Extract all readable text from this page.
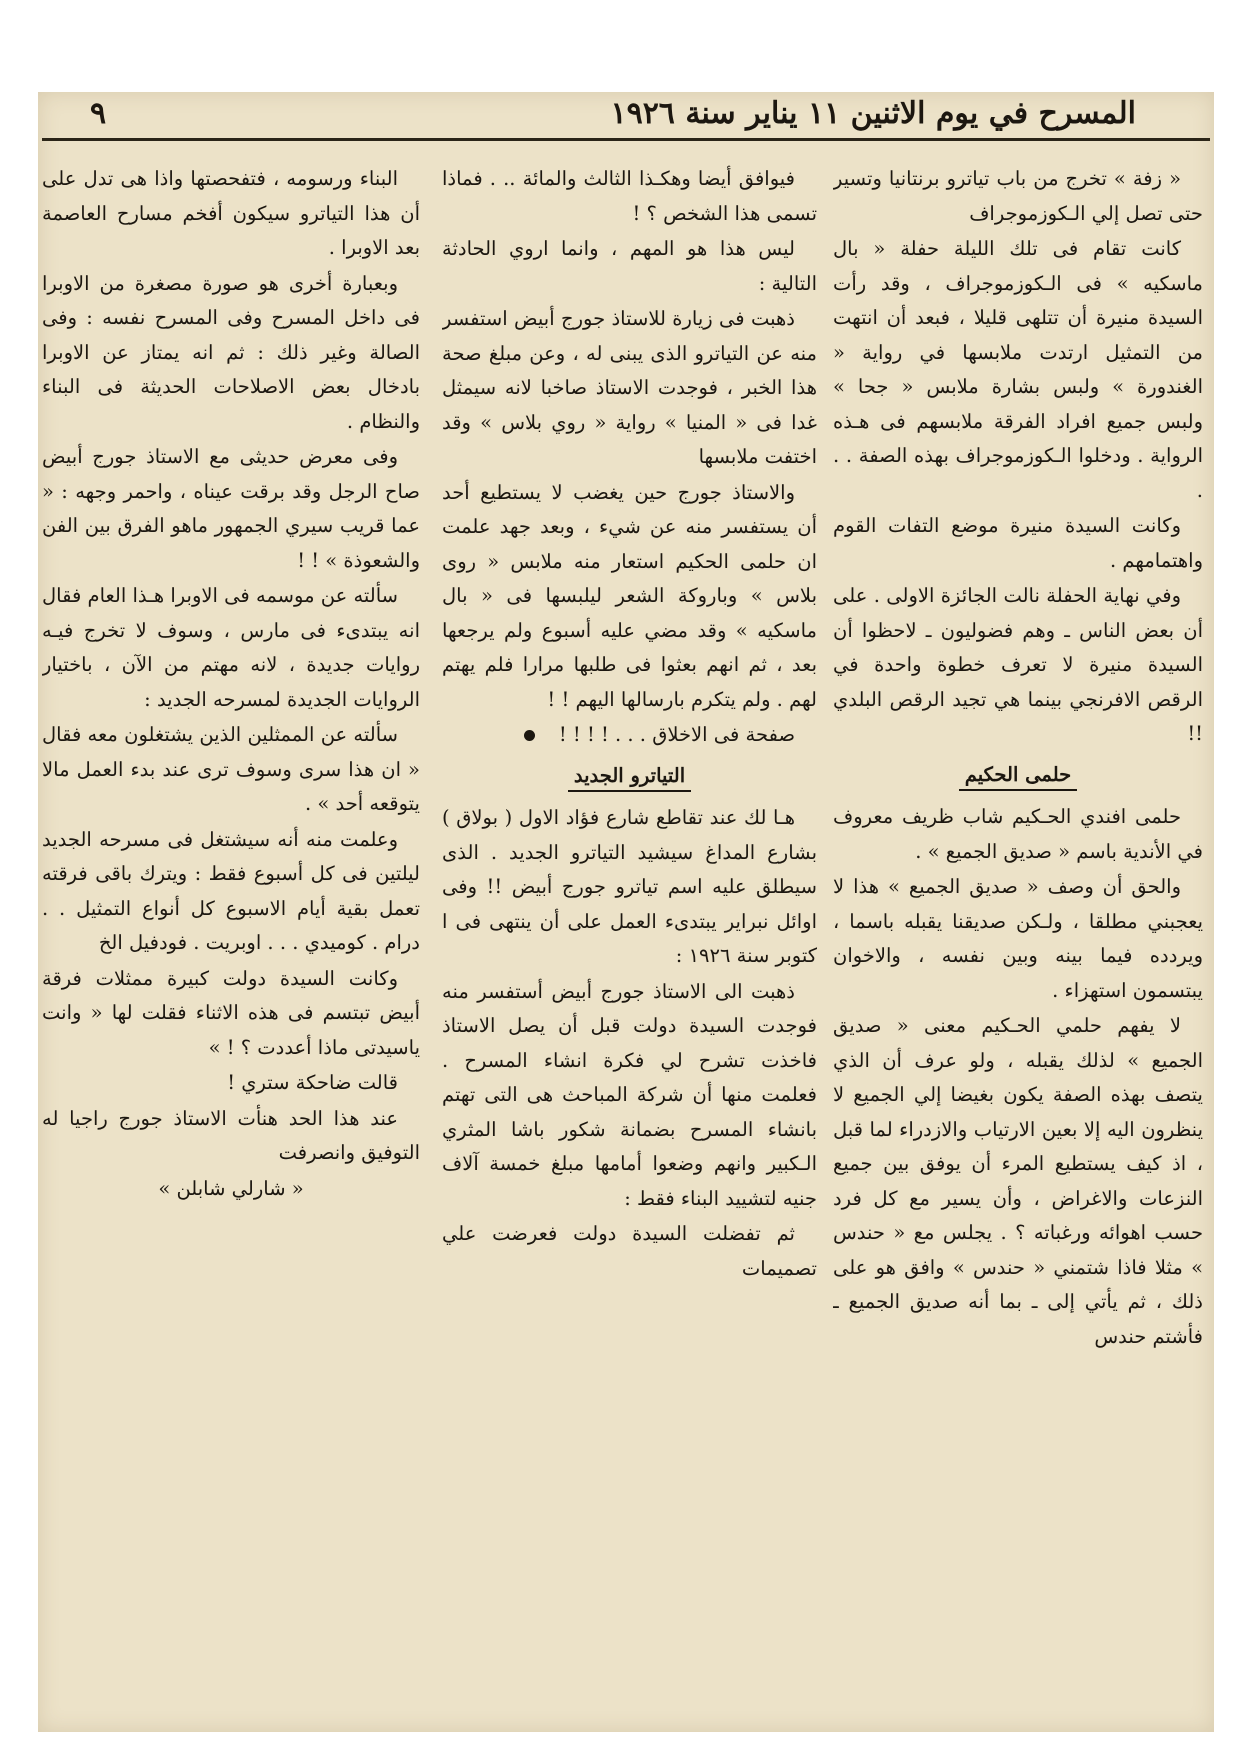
٩	المسرح في يوم الاثنين ١١ يناير سنة ١٩٢٦

« زفة » تخرج من باب تياترو برنتانيا وتسير حتى تصل إلي الـكوزموجراف

كانت تقام فى تلك الليلة حفلة « بال ماسكيه » فى الـكوزموجراف ، وقد رأت السيدة منيرة أن تتلهى قليلا ، فبعد أن انتهت من التمثيل ارتدت ملابسها في رواية « الغندورة » ولبس بشارة ملابس « جحا » ولبس جميع افراد الفرقة ملابسهم فى هـذه الرواية . ودخلوا الـكوزموجراف بهذه الصفة . . .

وكانت السيدة منيرة موضع التفات القوم واهتمامهم .

وفي نهاية الحفلة نالت الجائزة الاولى . على أن بعض الناس ـ وهم فضوليون ـ لاحظوا أن السيدة منيرة لا تعرف خطوة واحدة في الرقص الافرنجي بينما هي تجيد الرقص البلدي !!

حلمى الحكيم

حلمى افندي الحـكيم شاب ظريف معروف في الأندية باسم « صديق الجميع » .

والحق أن وصف « صديق الجميع » هذا لا يعجبني مطلقا ، ولـكن صديقنا يقبله باسما ، ويردده فيما بينه وبين نفسه ، والاخوان يبتسمون استهزاء .

لا يفهم حلمي الحـكيم معنى « صديق الجميع » لذلك يقبله ، ولو عرف أن الذي يتصف بهذه الصفة يكون بغيضا إلي الجميع لا ينظرون اليه إلا بعين الارتياب والازدراء لما قبل ، اذ كيف يستطيع المرء أن يوفق بين جميع النزعات والاغراض ، وأن يسير مع كل فرد حسب اهوائه ورغباته ؟ . يجلس مع « حندس » مثلا فاذا شتمني « حندس » وافق هو على ذلك ، ثم يأتي إلى ـ بما أنه صديق الجميع ـ فأشتم حندس

فيوافق أيضا وهكـذا الثالث والمائة .. . فماذا تسمى هذا الشخص ؟ !

ليس هذا هو المهم ، وانما اروي الحادثة التالية :

ذهبت فى زيارة للاستاذ جورج أبيض استفسر منه عن التياترو الذى يبنى له ، وعن مبلغ صحة هذا الخبر ، فوجدت الاستاذ صاخبا لانه سيمثل غدا فى « المنيا » رواية « روي بلاس » وقد اختفت ملابسها

والاستاذ جورج حين يغضب لا يستطيع أحد أن يستفسر منه عن شيء ، وبعد جهد علمت ان حلمى الحكيم استعار منه ملابس « روى بلاس » وباروكة الشعر ليلبسها فى « بال ماسكيه » وقد مضي عليه أسبوع ولم يرجعها بعد ، ثم انهم بعثوا فى طلبها مرارا فلم يهتم لهم . ولم يتكرم بارسالها اليهم ! !

صفحة فى الاخلاق . . . ! ! ! !

التياترو الجديد

هـا لك عند تقاطع شارع فؤاد الاول ( بولاق ) بشارع المداغ سيشيد التياترو الجديد . الذى سيطلق عليه اسم تياترو جورج أبيض !! وفى اوائل نبراير يبتدىء العمل على أن ينتهى فى ا كتوبر سنة ١٩٢٦ :

ذهبت الى الاستاذ جورج أبيض أستفسر منه فوجدت السيدة دولت قبل أن يصل الاستاذ فاخذت تشرح لي فكرة انشاء المسرح . فعلمت منها أن شركة المباحث هى التى تهتم بانشاء المسرح بضمانة شكور باشا المثري الـكبير وانهم وضعوا أمامها مبلغ خمسة آلاف جنيه لتشييد البناء فقط :

ثم تفضلت السيدة دولت فعرضت علي تصميمات

البناء ورسومه ، فتفحصتها واذا هى تدل على أن هذا التياترو سيكون أفخم مسارح العاصمة بعد الاوبرا .

وبعبارة أخرى هو صورة مصغرة من الاوبرا فى داخل المسرح وفى المسرح نفسه : وفى الصالة وغير ذلك : ثم انه يمتاز عن الاوبرا بادخال بعض الاصلاحات الحديثة فى البناء والنظام .

وفى معرض حديثى مع الاستاذ جورج أبيض صاح الرجل وقد برقت عيناه ، واحمر وجهه : « عما قريب سيري الجمهور ماهو الفرق بين الفن والشعوذة » ! !

سألته عن موسمه فى الاوبرا هـذا العام فقال انه يبتدىء فى مارس ، وسوف لا تخرج فيـه روايات جديدة ، لانه مهتم من الآن ، باختيار الروايات الجديدة لمسرحه الجديد :

سألته عن الممثلين الذين يشتغلون معه فقال « ان هذا سرى وسوف ترى عند بدء العمل مالا يتوقعه أحد » .

وعلمت منه أنه سيشتغل فى مسرحه الجديد ليلتين فى كل أسبوع فقط : ويترك باقى فرقته تعمل بقية أيام الاسبوع كل أنواع التمثيل . . درام . كوميدي . . . اوبريت . فودفيل الخ

وكانت السيدة دولت كبيرة ممثلات فرقة أبيض تبتسم فى هذه الاثناء فقلت لها « وانت ياسيدتى ماذا أعددت ؟ ! »

قالت ضاحكة ستري !

عند هذا الحد هنأت الاستاذ جورج راجيا له التوفيق وانصرفت

« شارلي شابلن »
